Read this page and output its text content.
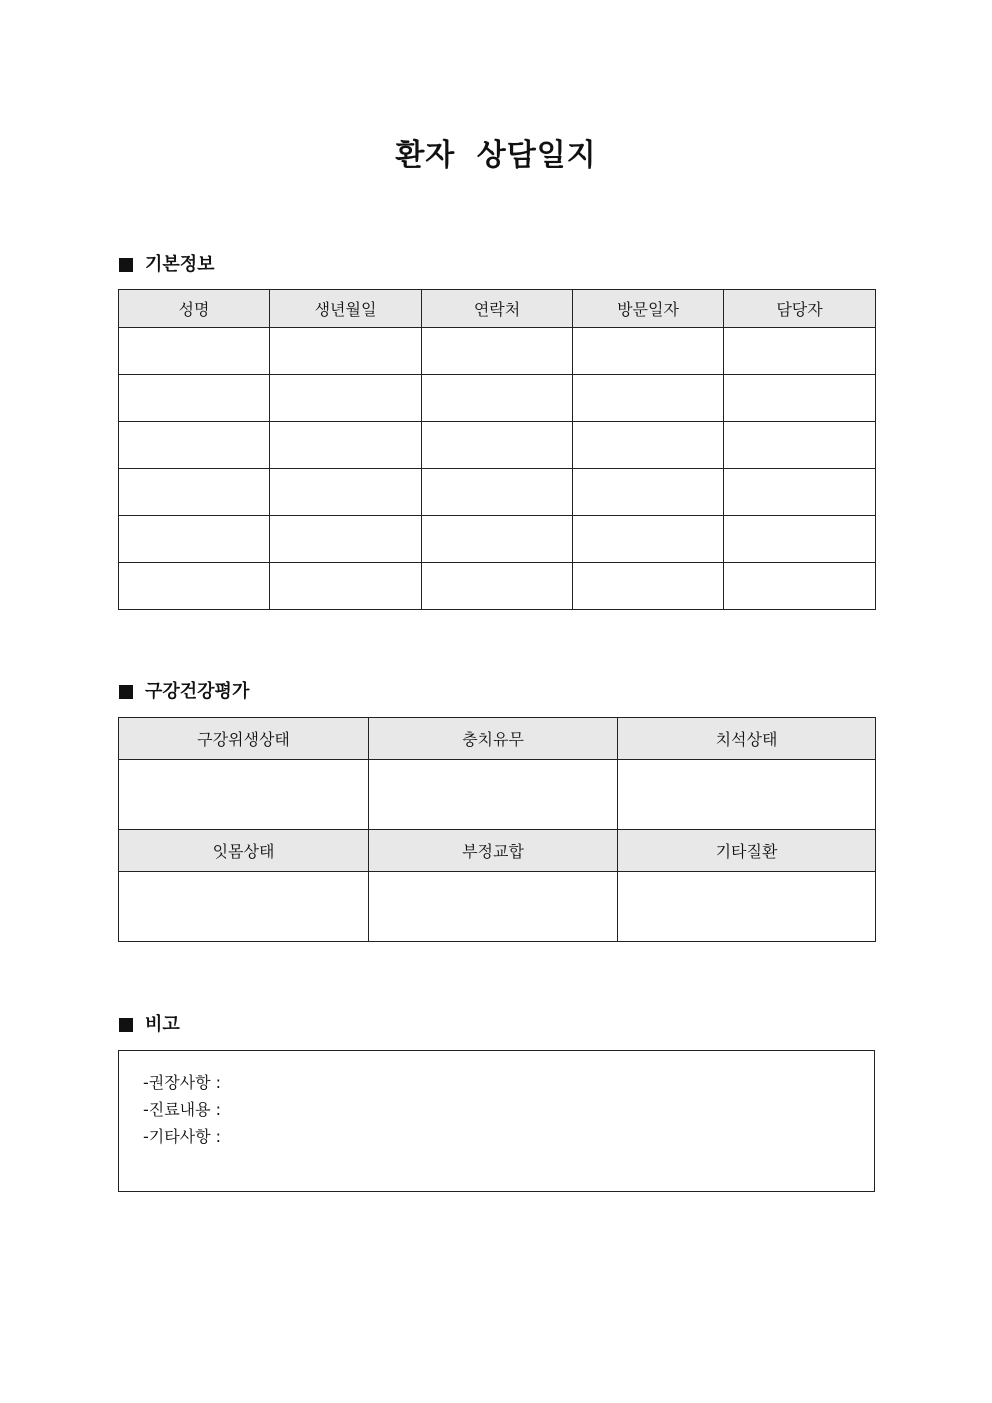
환자 상담일지
기본정보
성명	생년월일	연락처	방문일자	담당자

구강건강평가
구강위생상태	충치유무	치석상태

잇몸상태	부정교합	기타질환

비고
-권장사항 :
-진료내용 :
-기타사항 :
